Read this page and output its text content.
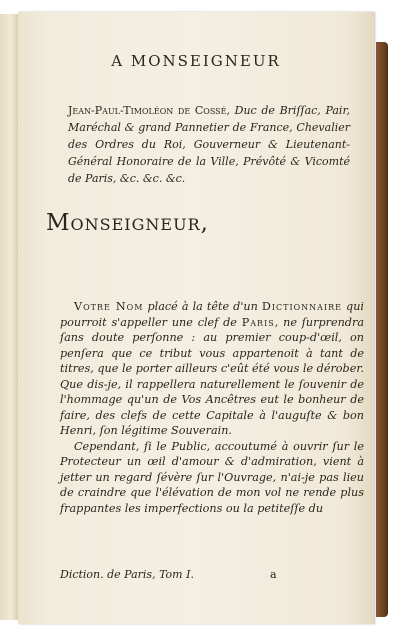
A MONSEIGNEUR
Jean-Paul-Timoléon de Cossé, Duc de Briſſac, Pair, Maréchal & grand Pannetier de France, Chevalier des Ordres du Roi, Gouverneur & Lieutenant-Général Honoraire de la Ville, Prévôté & Vicomté de Paris, &c. &c. &c.
Monseigneur,

Votre Nom placé à la tête d'un Dictionnaire qui pourroit s'appeller une clef de Paris, ne ſurprendra ſans doute perſonne : au premier coup-d'œil, on penſera que ce tribut vous appartenoit à tant de titres, que le porter ailleurs c'eût été vous le dérober. Que dis-je, il rappellera naturellement le ſouvenir de l'hommage qu'un de Vos Ancêtres eut le bonheur de faire, des clefs de cette Capitale à l'auguſte & bon Henri, ſon légitime Souverain.

Cependant, ſi le Public, accoutumé à ouvrir ſur le Protecteur un œil d'amour & d'admiration, vient à jetter un regard ſévère ſur l'Ouvrage, n'ai-je pas lieu de craindre que l'élévation de mon vol ne rende plus frappantes les imperfections ou la petiteſſe du

Diction. de Paris, Tom I.	a
